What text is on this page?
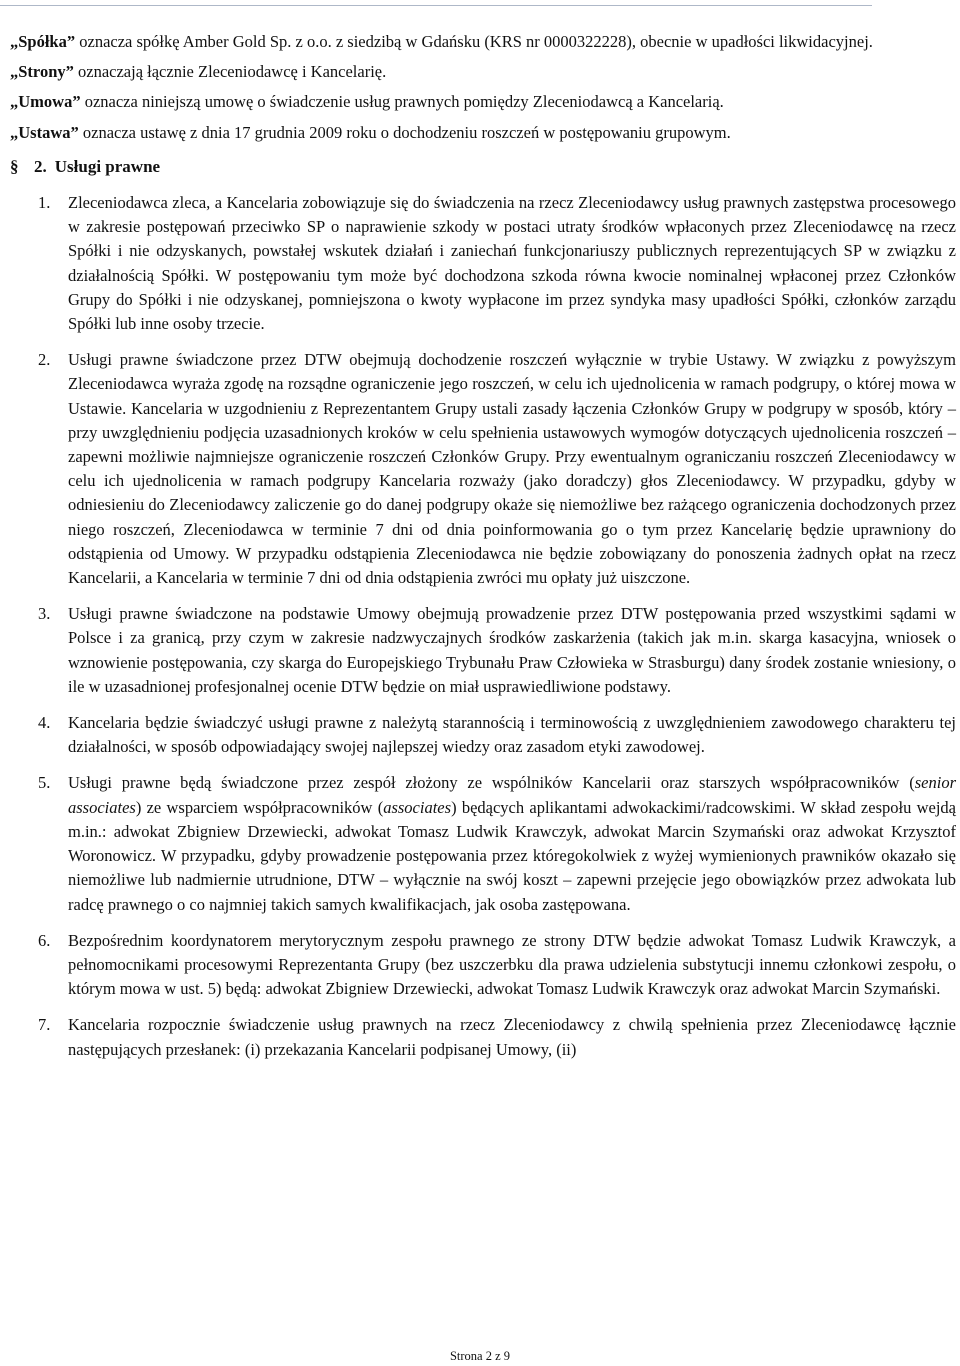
„Spółka” oznacza spółkę Amber Gold Sp. z o.o. z siedzibą w Gdańsku (KRS nr 0000322228), obecnie w upadłości likwidacyjnej.

„Strony” oznaczają łącznie Zleceniodawcę i Kancelarię.

„Umowa” oznacza niniejszą umowę o świadczenie usług prawnych pomiędzy Zleceniodawcą a Kancelarią.

„Ustawa” oznacza ustawę z dnia 17 grudnia 2009 roku o dochodzeniu roszczeń w postępowaniu grupowym.

§ 2. Usługi prawne
1.	Zleceniodawca zleca, a Kancelaria zobowiązuje się do świadczenia na rzecz Zleceniodawcy usług prawnych zastępstwa procesowego w zakresie postępowań przeciwko SP o naprawienie szkody w postaci utraty środków wpłaconych przez Zleceniodawcę na rzecz Spółki i nie odzyskanych, powstałej wskutek działań i zaniechań funkcjonariuszy publicznych reprezentujących SP w związku z działalnością Spółki. W postępowaniu tym może być dochodzona szkoda równa kwocie nominalnej wpłaconej przez Członków Grupy do Spółki i nie odzyskanej, pomniejszona o kwoty wypłacone im przez syndyka masy upadłości Spółki, członków zarządu Spółki lub inne osoby trzecie.
2.	Usługi prawne świadczone przez DTW obejmują dochodzenie roszczeń wyłącznie w trybie Ustawy. W związku z powyższym Zleceniodawca wyraża zgodę na rozsądne ograniczenie jego roszczeń, w celu ich ujednolicenia w ramach podgrupy, o której mowa w Ustawie. Kancelaria w uzgodnieniu z Reprezentantem Grupy ustali zasady łączenia Członków Grupy w podgrupy w sposób, który – przy uwzględnieniu podjęcia uzasadnionych kroków w celu spełnienia ustawowych wymogów dotyczących ujednolicenia roszczeń – zapewni możliwie najmniejsze ograniczenie roszczeń Członków Grupy. Przy ewentualnym ograniczaniu roszczeń Zleceniodawcy w celu ich ujednolicenia w ramach podgrupy Kancelaria rozważy (jako doradczy) głos Zleceniodawcy. W przypadku, gdyby w odniesieniu do Zleceniodawcy zaliczenie go do danej podgrupy okaże się niemożliwe bez rażącego ograniczenia dochodzonych przez niego roszczeń, Zleceniodawca w terminie 7 dni od dnia poinformowania go o tym przez Kancelarię będzie uprawniony do odstąpienia od Umowy. W przypadku odstąpienia Zleceniodawca nie będzie zobowiązany do ponoszenia żadnych opłat na rzecz Kancelarii, a Kancelaria w terminie 7 dni od dnia odstąpienia zwróci mu opłaty już uiszczone.
3.	Usługi prawne świadczone na podstawie Umowy obejmują prowadzenie przez DTW postępowania przed wszystkimi sądami w Polsce i za granicą, przy czym w zakresie nadzwyczajnych środków zaskarżenia (takich jak m.in. skarga kasacyjna, wniosek o wznowienie postępowania, czy skarga do Europejskiego Trybunału Praw Człowieka w Strasburgu) dany środek zostanie wniesiony, o ile w uzasadnionej profesjonalnej ocenie DTW będzie on miał usprawiedliwione podstawy.
4.	Kancelaria będzie świadczyć usługi prawne z należytą starannością i terminowością z uwzględnieniem zawodowego charakteru tej działalności, w sposób odpowiadający swojej najlepszej wiedzy oraz zasadom etyki zawodowej.
5.	Usługi prawne będą świadczone przez zespół złożony ze wspólników Kancelarii oraz starszych współpracowników (senior associates) ze wsparciem współpracowników (associates) będących aplikantami adwokackimi/radcowskimi. W skład zespołu wejdą m.in.: adwokat Zbigniew Drzewiecki, adwokat Tomasz Ludwik Krawczyk, adwokat Marcin Szymański oraz adwokat Krzysztof Woronowicz. W przypadku, gdyby prowadzenie postępowania przez któregokolwiek z wyżej wymienionych prawników okazało się niemożliwe lub nadmiernie utrudnione, DTW – wyłącznie na swój koszt – zapewni przejęcie jego obowiązków przez adwokata lub radcę prawnego o co najmniej takich samych kwalifikacjach, jak osoba zastępowana.
6.	Bezpośrednim koordynatorem merytorycznym zespołu prawnego ze strony DTW będzie adwokat Tomasz Ludwik Krawczyk, a pełnomocnikami procesowymi Reprezentanta Grupy (bez uszczerbku dla prawa udzielenia substytucji innemu członkowi zespołu, o którym mowa w ust. 5) będą: adwokat Zbigniew Drzewiecki, adwokat Tomasz Ludwik Krawczyk oraz adwokat Marcin Szymański.
7.	Kancelaria rozpocznie świadczenie usług prawnych na rzecz Zleceniodawcy z chwilą spełnienia przez Zleceniodawcę łącznie następujących przesłanek: (i) przekazania Kancelarii podpisanej Umowy, (ii)
Strona 2 z 9
